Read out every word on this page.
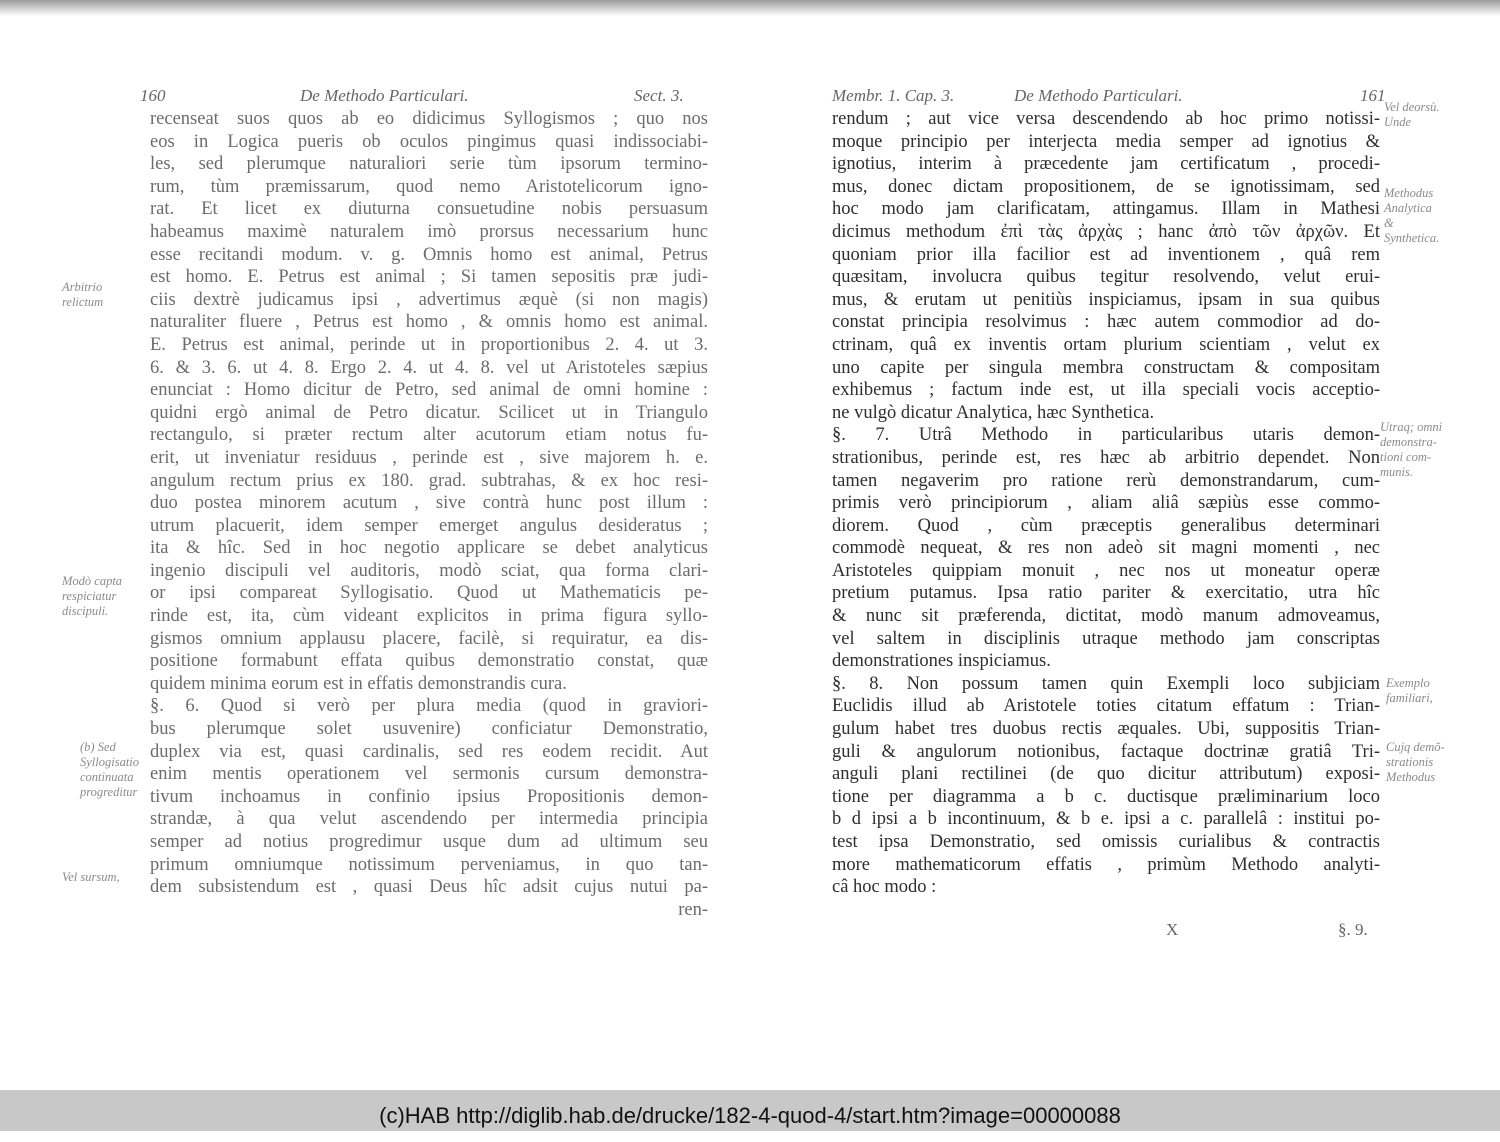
160	De Methodo Particulari.	Sect. 3.
recenseat suos quos ab eo didicimus Syllogismos ; quo nos
eos in Logica pueris ob oculos pingimus quasi indissociabi-
les, sed plerumque naturaliori serie tùm ipsorum termino-
rum, tùm præmissarum, quod nemo Aristotelicorum igno-
rat. Et licet ex diuturna consuetudine nobis persuasum
habeamus maximè naturalem imò prorsus necessarium hunc
esse recitandi modum. v. g. Omnis homo est animal, Petrus
est homo. E. Petrus est animal ; Si tamen sepositis præ judi-
ciis dextrè judicamus ipsi , advertimus æquè (si non magis)
naturaliter fluere , Petrus est homo , & omnis homo est animal.
E. Petrus est animal, perinde ut in proportionibus 2. 4. ut 3.
6. & 3. 6. ut 4. 8. Ergo 2. 4. ut 4. 8. vel ut Aristoteles sæpius
enunciat : Homo dicitur de Petro, sed animal de omni homine :
quidni ergò animal de Petro dicatur. Scilicet ut in Triangulo
rectangulo, si præter rectum alter acutorum etiam notus fu-
erit, ut inveniatur residuus , perinde est , sive majorem h. e.
angulum rectum prius ex 180. grad. subtrahas, & ex hoc resi-
duo postea minorem acutum , sive contrà hunc post illum :
utrum placuerit, idem semper emerget angulus desideratus ;
ita & hîc. Sed in hoc negotio applicare se debet analyticus
ingenio discipuli vel auditoris, modò sciat, qua forma clari-
or ipsi compareat Syllogisatio. Quod ut Mathematicis pe-
rinde est, ita, cùm videant explicitos in prima figura syllo-
gismos omnium applausu placere, facilè, si requiratur, ea dis-
positione formabunt effata quibus demonstratio constat, quæ
quidem minima eorum est in effatis demonstrandis cura.
§. 6. Quod si verò per plura media (quod in graviori-
bus plerumque solet usuvenire) conficiatur Demonstratio,
duplex via est, quasi cardinalis, sed res eodem recidit. Aut
enim mentis operationem vel sermonis cursum demonstra-
tivum inchoamus in confinio ipsius Propositionis demon-
strandæ, à qua velut ascendendo per intermedia principia
semper ad notius progredimur usque dum ad ultimum seu
primum omniumque notissimum perveniamus, in quo tan-
dem subsistendum est , quasi Deus hîc adsit cujus nutui pa-
ren-
Arbitrio
relictum
Modò capta
respiciatur
discipuli.
(b) Sed
Syllogisatio
continuata
progreditur
Vel sursum,
Membr. 1. Cap. 3.	De Methodo Particulari.	161
rendum ; aut vice versa descendendo ab hoc primo notissi-
moque principio per interjecta media semper ad ignotius &
ignotius, interim à præcedente jam certificatum , procedi-
mus, donec dictam propositionem, de se ignotissimam, sed
hoc modo jam clarificatam, attingamus. Illam in Mathesi
dicimus methodum ἐπὶ τὰς ἀρχὰς ; hanc ἀπὸ τῶν ἀρχῶν. Et
quoniam prior illa facilior est ad inventionem , quâ rem
quæsitam, involucra quibus tegitur resolvendo, velut erui-
mus, & erutam ut penitiùs inspiciamus, ipsam in sua quibus
constat principia resolvimus : hæc autem commodior ad do-
ctrinam, quâ ex inventis ortam plurium scientiam , velut ex
uno capite per singula membra constructam & compositam
exhibemus ; factum inde est, ut illa speciali vocis acceptio-
ne vulgò dicatur Analytica, hæc Synthetica.
§. 7. Utrâ Methodo in particularibus utaris demon-
strationibus, perinde est, res hæc ab arbitrio dependet. Non
tamen negaverim pro ratione rerù demonstrandarum, cum-
primis verò principiorum , aliam aliâ sæpiùs esse commo-
diorem. Quod , cùm præceptis generalibus determinari
commodè nequeat, & res non adeò sit magni momenti , nec
Aristoteles quippiam monuit , nec nos ut moneatur operæ
pretium putamus. Ipsa ratio pariter & exercitatio, utra hîc
& nunc sit præferenda, dictitat, modò manum admoveamus,
vel saltem in disciplinis utraque methodo jam conscriptas
demonstrationes inspiciamus.
§. 8. Non possum tamen quin Exempli loco subjiciam
Euclidis illud ab Aristotele toties citatum effatum : Trian-
gulum habet tres duobus rectis æquales. Ubi, suppositis Trian-
guli & angulorum notionibus, factaque doctrinæ gratiâ Tri-
anguli plani rectilinei (de quo dicitur attributum) exposi-
tione per diagramma a b c. ductisque præliminarium loco
b d ipsi a b incontinuum, & b e. ipsi a c. parallelâ : institui po-
test ipsa Demonstratio, sed omissis curialibus & contractis
more mathematicorum effatis , primùm Methodo analyti-
câ hoc modo :
Vel deorsù.
Unde
Methodus
Analytica
&
Synthetica.
Utraq; omni
demonstra-
tioni com-
munis.
Exemplo
familiari,
Cujq demõ-
strationis
Methodus
X	§. 9.
(c)HAB http://diglib.hab.de/drucke/182-4-quod-4/start.htm?image=00000088
